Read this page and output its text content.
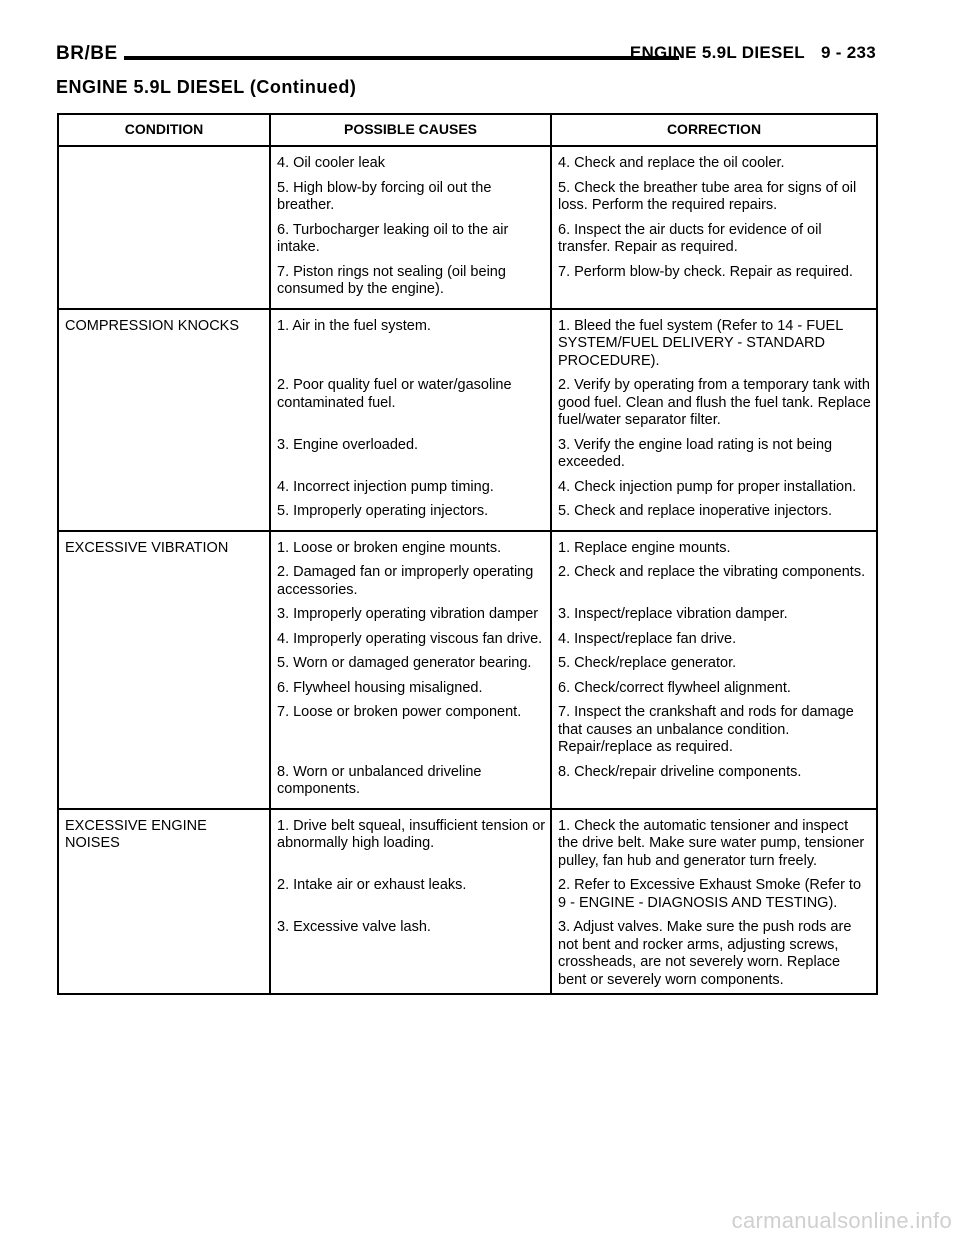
BR/BE	ENGINE 5.9L DIESEL 9 - 233
ENGINE 5.9L DIESEL (Continued)
CONDITION	POSSIBLE CAUSES	CORRECTION
	4. Oil cooler leak	4. Check and replace the oil cooler.
	5. High blow-by forcing oil out the breather.	5. Check the breather tube area for signs of oil loss. Perform the required repairs.
	6. Turbocharger leaking oil to the air intake.	6. Inspect the air ducts for evidence of oil transfer. Repair as required.
	7. Piston rings not sealing (oil being consumed by the engine).	7. Perform blow-by check. Repair as required.
COMPRESSION KNOCKS	1. Air in the fuel system.	1. Bleed the fuel system (Refer to 14 - FUEL SYSTEM/FUEL DELIVERY - STANDARD PROCEDURE).
	2. Poor quality fuel or water/gasoline contaminated fuel.	2. Verify by operating from a temporary tank with good fuel. Clean and flush the fuel tank. Replace fuel/water separator filter.
	3. Engine overloaded.	3. Verify the engine load rating is not being exceeded.
	4. Incorrect injection pump timing.	4. Check injection pump for proper installation.
	5. Improperly operating injectors.	5. Check and replace inoperative injectors.
EXCESSIVE VIBRATION	1. Loose or broken engine mounts.	1. Replace engine mounts.
	2. Damaged fan or improperly operating accessories.	2. Check and replace the vibrating components.
	3. Improperly operating vibration damper	3. Inspect/replace vibration damper.
	4. Improperly operating viscous fan drive.	4. Inspect/replace fan drive.
	5. Worn or damaged generator bearing.	5. Check/replace generator.
	6. Flywheel housing misaligned.	6. Check/correct flywheel alignment.
	7. Loose or broken power component.	7. Inspect the crankshaft and rods for damage that causes an unbalance condition. Repair/replace as required.
	8. Worn or unbalanced driveline components.	8. Check/repair driveline components.
EXCESSIVE ENGINE NOISES	1. Drive belt squeal, insufficient tension or abnormally high loading.	1. Check the automatic tensioner and inspect the drive belt. Make sure water pump, tensioner pulley, fan hub and generator turn freely.
	2. Intake air or exhaust leaks.	2. Refer to Excessive Exhaust Smoke (Refer to 9 - ENGINE - DIAGNOSIS AND TESTING).
	3. Excessive valve lash.	3. Adjust valves. Make sure the push rods are not bent and rocker arms, adjusting screws, crossheads, are not severely worn. Replace bent or severely worn components.
carmanualsonline.info
